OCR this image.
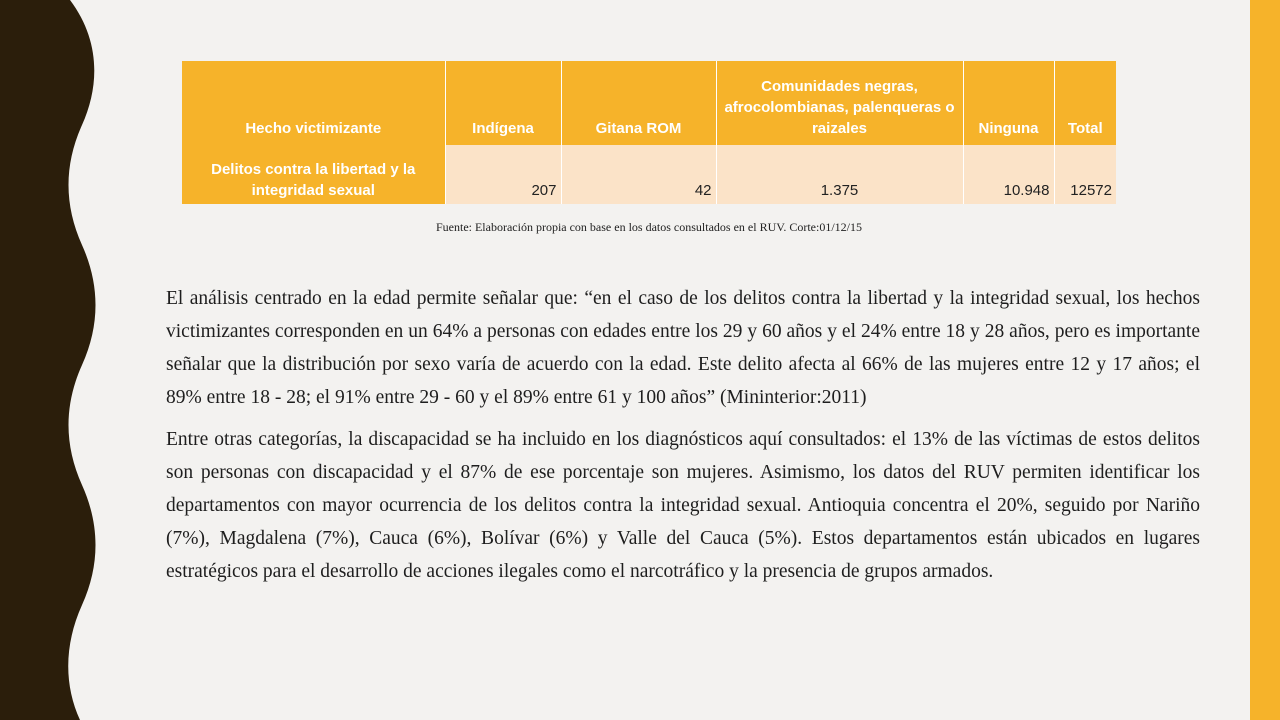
Hecho victimizante	Indígena	Gitana ROM	Comunidades negras, afrocolombianas, palenqueras o raizales	Ninguna	Total
Delitos contra la libertad y la integridad sexual	207	42	1.375	10.948	12572
Fuente: Elaboración propia con base en los datos consultados en el RUV. Corte:01/12/15

El análisis centrado en la edad permite señalar que: “en el caso de los delitos contra la libertad y la integridad sexual, los hechos victimizantes corresponden en un 64% a personas con edades entre los 29 y 60 años y el 24% entre 18 y 28 años, pero es importante señalar que la distribución por sexo varía de acuerdo con la edad. Este delito afecta al 66% de las mujeres entre 12 y 17 años; el 89% entre 18 - 28; el 91% entre 29 - 60 y el 89% entre 61 y 100 años” (Mininterior:2011)

Entre otras categorías, la discapacidad se ha incluido en los diagnósticos aquí consultados: el 13% de las víctimas de estos delitos son personas con discapacidad y el 87% de ese porcentaje son mujeres. Asimismo, los datos del RUV permiten identificar los departamentos con mayor ocurrencia de los delitos contra la integridad sexual. Antioquia concentra el 20%, seguido por Nariño (7%), Magdalena (7%), Cauca (6%), Bolívar (6%) y Valle del Cauca (5%). Estos departamentos están ubicados en lugares estratégicos para el desarrollo de acciones ilegales como el narcotráfico y la presencia de grupos armados.
